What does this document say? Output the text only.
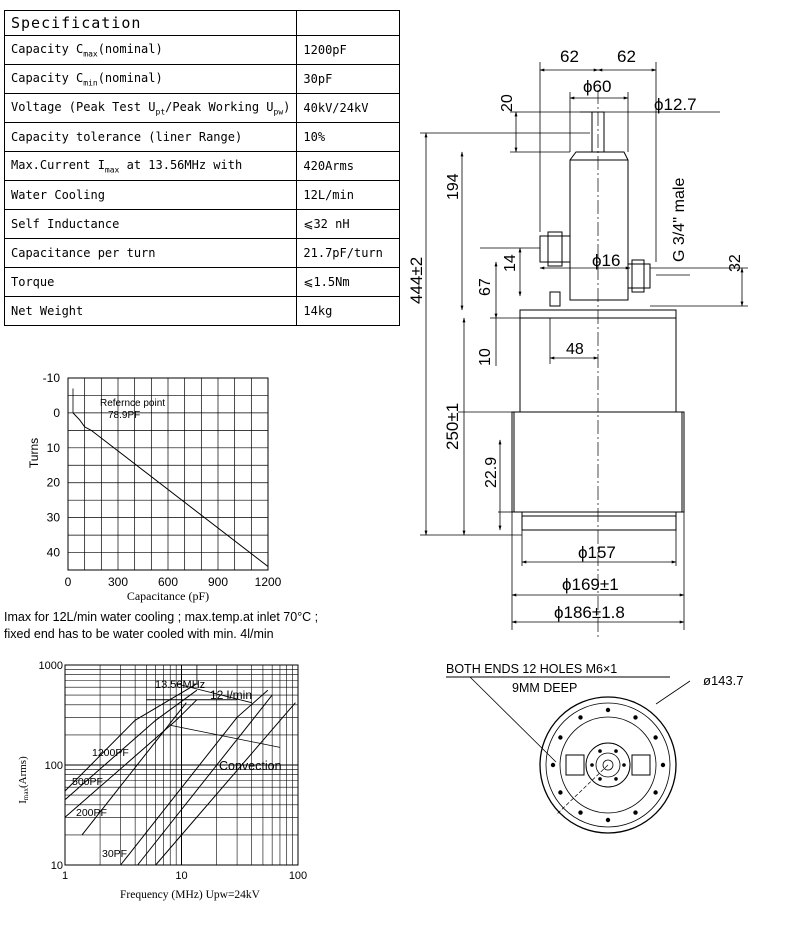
Specification	
Capacity $C_{max}(nominal)$	1200pF
Capacity $C_{min}(nominal)$	30pF
Voltage (Peak Test $U_{pt}$/Peak Working $U_{pw}$)	40kV/24kV
Capacity tolerance (liner Range)	10%
Max.Current $I_{max}$ at 13.56MHz with	420Arms
Water Cooling	12L/min
Self Inductance	⩽32 nH
Capacitance per turn	21.7pF/turn
Torque	⩽1.5Nm
Net Weight	14kg
-10
0
10
20
30
40
0	300 600 900 1200
Refernce point
78.9PF
Turns
Capacitance (pF)
Imax for 12L/min water cooling ; max.temp.at inlet 70°C ;
fixed end has to be water cooled with min. 4l/min
1	10	100
10
100
1000
13.56MHz
12 l/min
1200PF
500PF
200PF
30PF
Convection
Imax(Arms)
Frequency (MHz) Upw=24kV
62 62
ϕ60
ϕ12.7
20
194	G 3/4'' male
444±2	14	ϕ16	32
67
10	48
250±1
22.9
ϕ157
ϕ169±1
ϕ186±1.8
BOTH ENDS 12 HOLES M6×1
9MM DEEP	ø143.7
